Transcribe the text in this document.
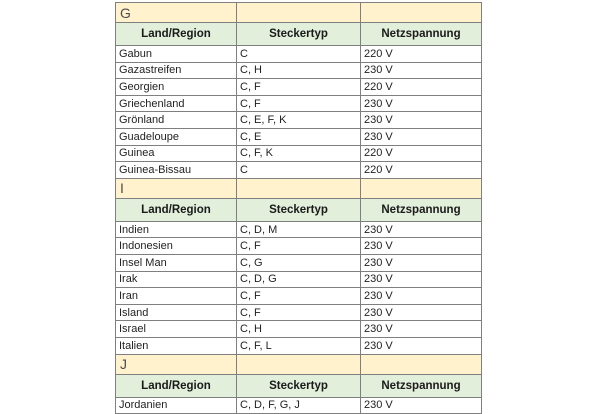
G		
Land/Region	Steckertyp	Netzspannung
Gabun	C	220 V
Gazastreifen	C, H	230 V
Georgien	C, F	220 V
Griechenland	C, F	230 V
Grönland	C, E, F, K	230 V
Guadeloupe	C, E	230 V
Guinea	C, F, K	220 V
Guinea-Bissau	C	220 V
I		
Land/Region	Steckertyp	Netzspannung
Indien	C, D, M	230 V
Indonesien	C, F	230 V
Insel Man	C, G	230 V
Irak	C, D, G	230 V
Iran	C, F	230 V
Island	C, F	230 V
Israel	C, H	230 V
Italien	C, F, L	230 V
J		
Land/Region	Steckertyp	Netzspannung
Jordanien	C, D, F, G, J	230 V
